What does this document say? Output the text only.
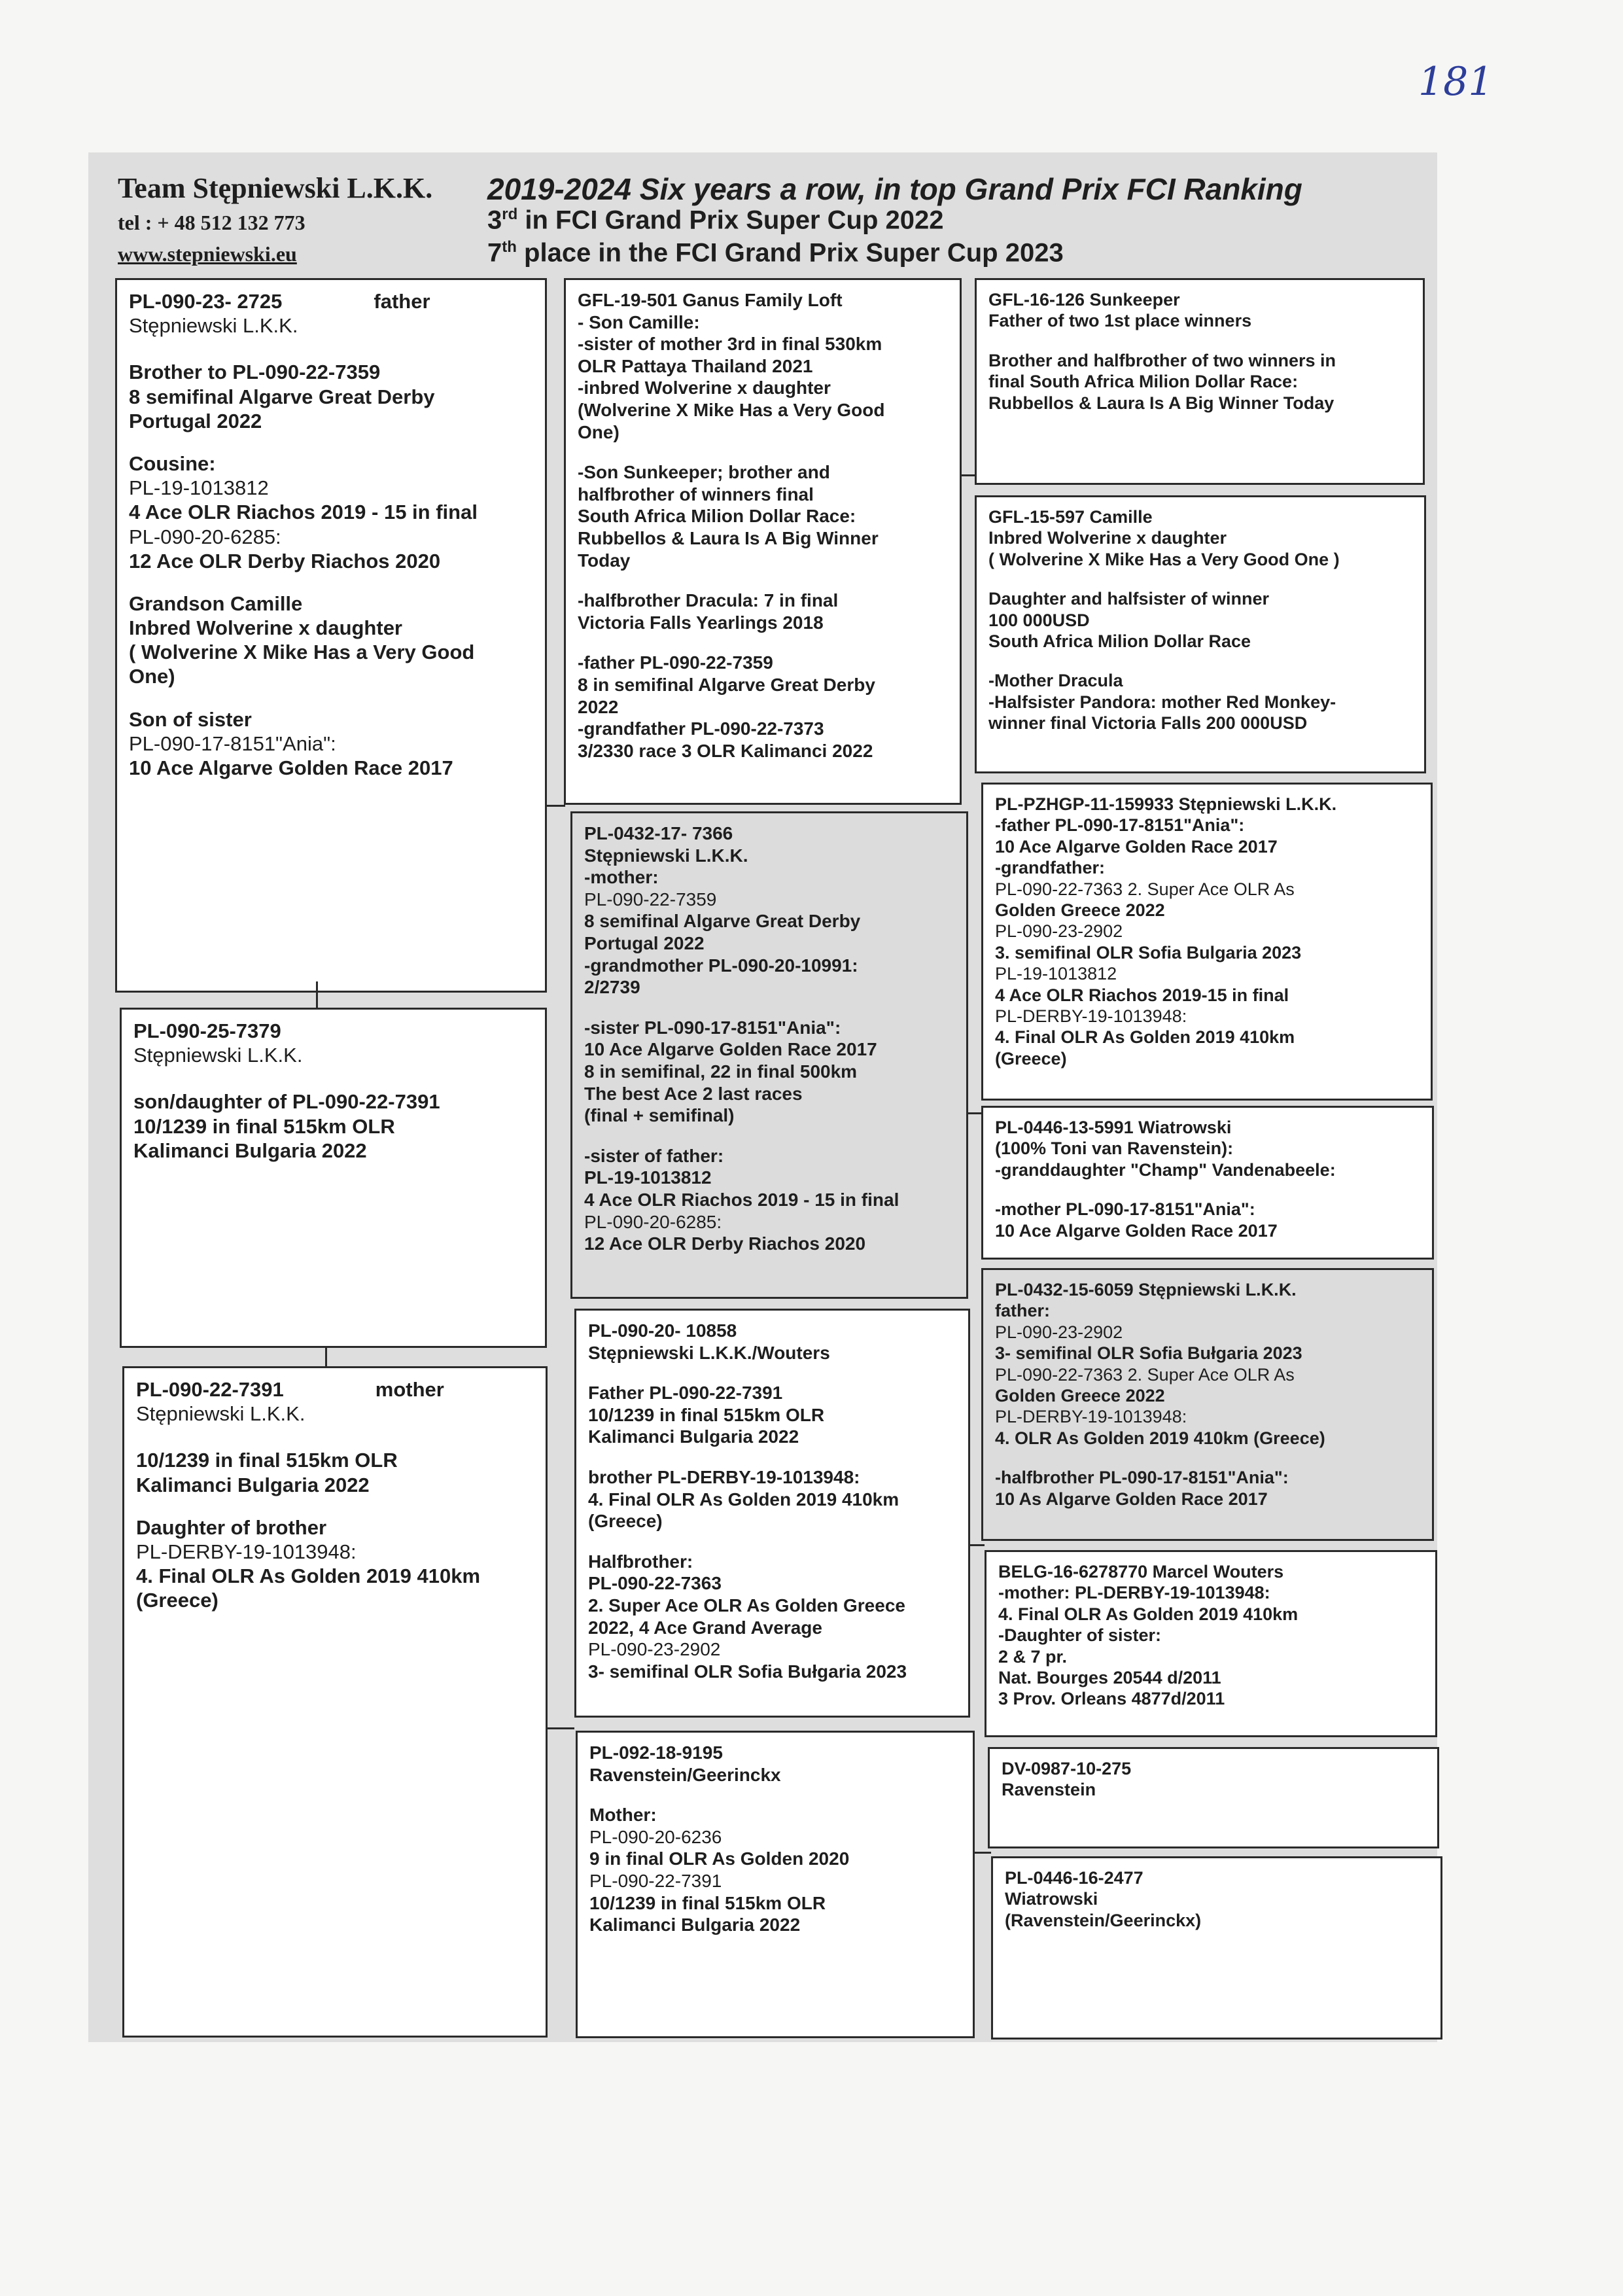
181
Team Stępniewski L.K.K.
tel : + 48 512 132 773
www.stepniewski.eu
2019-2024 Six years a row, in top Grand Prix FCI Ranking
3rd in FCI Grand Prix Super Cup 2022
7th place in the FCI Grand Prix Super Cup 2023
PL-090-23- 2725	father
Stępniewski L.K.K.
Brother to PL-090-22-7359
8 semifinal Algarve Great Derby
Portugal 2022
Cousine:
PL-19-1013812
4 Ace OLR Riachos 2019 - 15 in final
PL-090-20-6285:
12 Ace OLR Derby Riachos 2020
Grandson Camille
Inbred Wolverine x daughter
( Wolverine X Mike Has a Very Good
One)
Son of sister
PL-090-17-8151"Ania":
10 Ace Algarve Golden Race 2017
PL-090-25-7379
Stępniewski L.K.K.
son/daughter of PL-090-22-7391
10/1239 in final 515km OLR
Kalimanci Bulgaria 2022
PL-090-22-7391	mother
Stępniewski L.K.K.
10/1239 in final 515km OLR
Kalimanci Bulgaria 2022
Daughter of brother
PL-DERBY-19-1013948:
4. Final OLR As Golden 2019 410km
(Greece)
GFL-19-501 Ganus Family Loft
- Son Camille:
-sister of mother 3rd in final 530km
OLR Pattaya Thailand 2021
-inbred Wolverine x daughter
(Wolverine X Mike Has a Very Good
One)
-Son Sunkeeper; brother and
halfbrother of winners final
South Africa Milion Dollar Race:
Rubbellos & Laura Is A Big Winner
Today
-halfbrother Dracula: 7 in final
Victoria Falls Yearlings 2018
-father PL-090-22-7359
8 in semifinal Algarve Great Derby
2022
-grandfather PL-090-22-7373
3/2330 race 3 OLR Kalimanci 2022
PL-0432-17- 7366
Stępniewski L.K.K.
-mother:
PL-090-22-7359
8 semifinal Algarve Great Derby
Portugal 2022
-grandmother PL-090-20-10991:
2/2739
-sister PL-090-17-8151"Ania":
10 Ace Algarve Golden Race 2017
8 in semifinal, 22 in final 500km
The best Ace 2 last races
(final + semifinal)
-sister of father:
PL-19-1013812
4 Ace OLR Riachos 2019 - 15 in final
PL-090-20-6285:
12 Ace OLR Derby Riachos 2020
PL-090-20- 10858
Stępniewski L.K.K./Wouters
Father PL-090-22-7391
10/1239 in final 515km OLR
Kalimanci Bulgaria 2022
brother PL-DERBY-19-1013948:
4. Final OLR As Golden 2019 410km
(Greece)
Halfbrother:
PL-090-22-7363
2. Super Ace OLR As Golden Greece
2022, 4 Ace Grand Average
PL-090-23-2902
3- semifinal OLR Sofia Bułgaria 2023
PL-092-18-9195
Ravenstein/Geerinckx
Mother:
PL-090-20-6236
9 in final OLR As Golden 2020
PL-090-22-7391
10/1239 in final 515km OLR
Kalimanci Bulgaria 2022
GFL-16-126 Sunkeeper
Father of two 1st place winners
Brother and halfbrother of two winners in
final South Africa Milion Dollar Race:
Rubbellos & Laura Is A Big Winner Today
GFL-15-597 Camille
Inbred Wolverine x daughter
( Wolverine X Mike Has a Very Good One )
Daughter and halfsister of winner
100 000USD
South Africa Milion Dollar Race
-Mother Dracula
-Halfsister Pandora: mother Red Monkey-
winner final Victoria Falls 200 000USD
PL-PZHGP-11-159933 Stępniewski L.K.K.
-father PL-090-17-8151"Ania":
10 Ace Algarve Golden Race 2017
-grandfather:
PL-090-22-7363 2. Super Ace OLR As
Golden Greece 2022
PL-090-23-2902
3. semifinal OLR Sofia Bulgaria 2023
PL-19-1013812
4 Ace OLR Riachos 2019-15 in final
PL-DERBY-19-1013948:
4. Final OLR As Golden 2019 410km
(Greece)
PL-0446-13-5991 Wiatrowski
(100% Toni van Ravenstein):
-granddaughter "Champ" Vandenabeele:
-mother PL-090-17-8151"Ania":
10 Ace Algarve Golden Race 2017
PL-0432-15-6059 Stępniewski L.K.K.
father:
PL-090-23-2902
3- semifinal OLR Sofia Bułgaria 2023
PL-090-22-7363 2. Super Ace OLR As
Golden Greece 2022
PL-DERBY-19-1013948:
4. OLR As Golden 2019 410km (Greece)
-halfbrother PL-090-17-8151"Ania":
10 As Algarve Golden Race 2017
BELG-16-6278770 Marcel Wouters
-mother: PL-DERBY-19-1013948:
4. Final OLR As Golden 2019 410km
-Daughter of sister:
2 & 7 pr.
Nat. Bourges 20544 d/2011
3 Prov. Orleans 4877d/2011
DV-0987-10-275
Ravenstein
PL-0446-16-2477
Wiatrowski
(Ravenstein/Geerinckx)
